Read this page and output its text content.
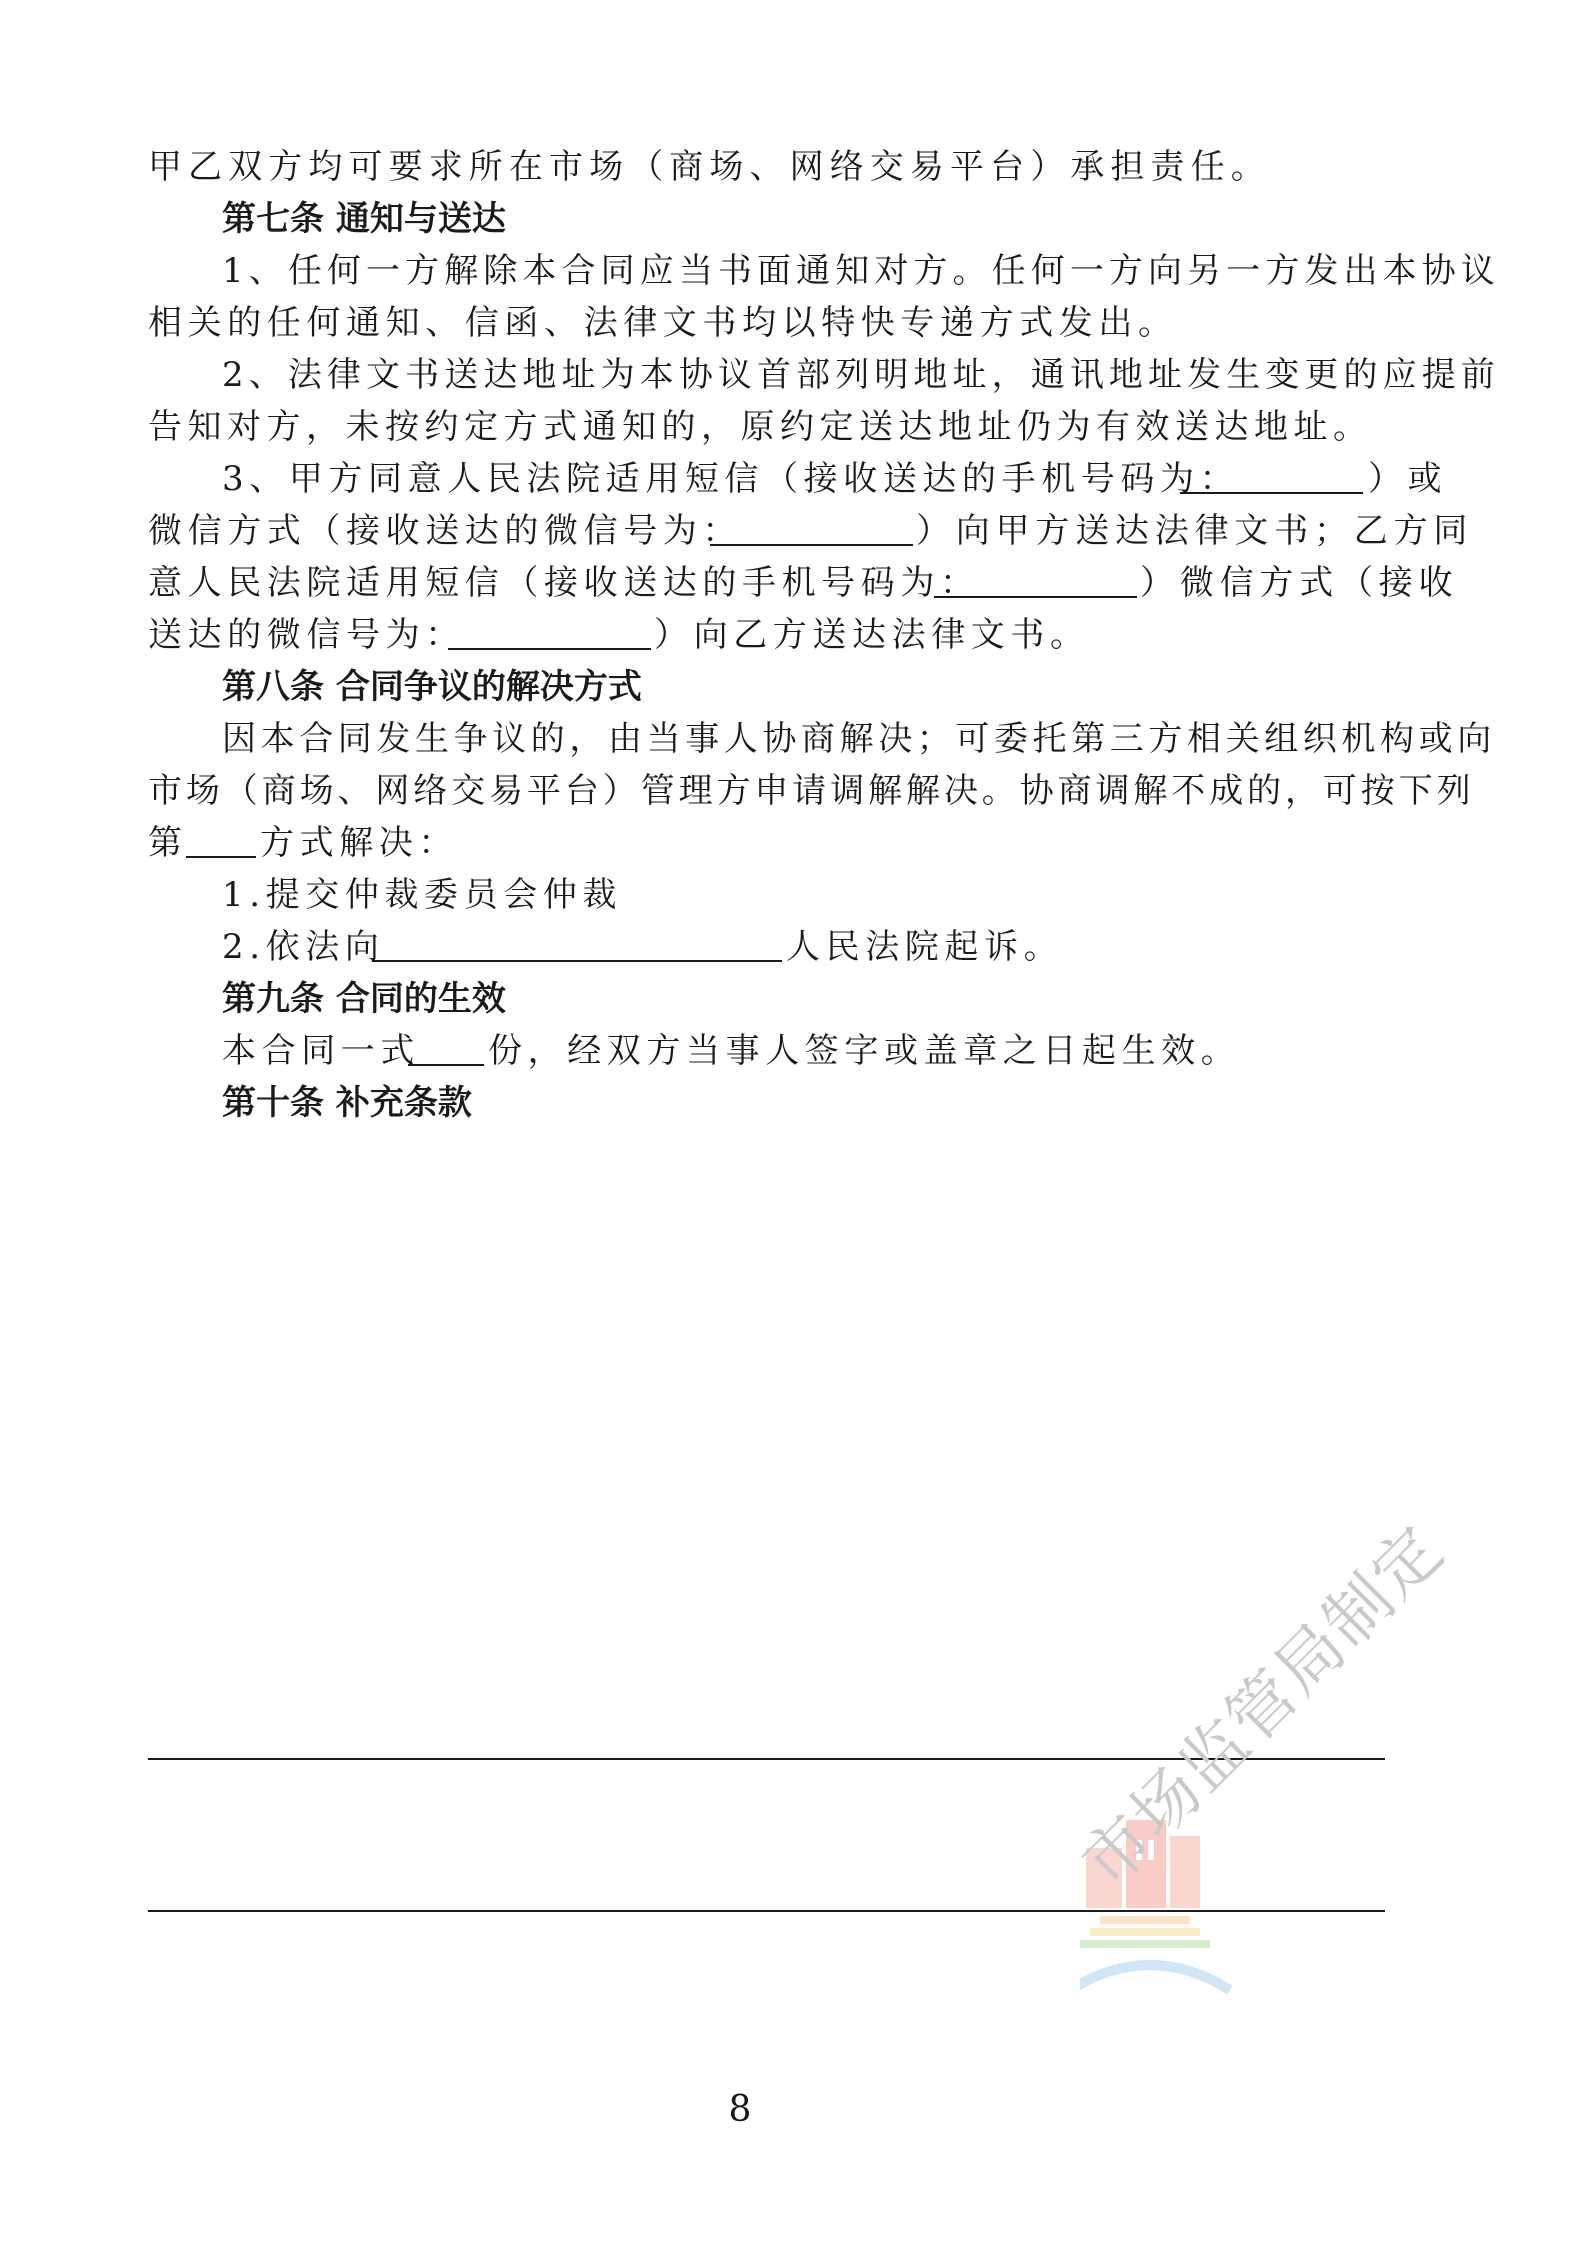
甲乙双方均可要求所在市场（商场、网络交易平台）承担责任。
第七条 通知与送达
1、任何一方解除本合同应当书面通知对方。任何一方向另一方发出本协议
相关的任何通知、信函、法律文书均以特快专递方式发出。
2、法律文书送达地址为本协议首部列明地址，通讯地址发生变更的应提前
告知对方，未按约定方式通知的，原约定送达地址仍为有效送达地址。
3、甲方同意人民法院适用短信（接收送达的手机号码为：	）或
微信方式（接收送达的微信号为：	）向甲方送达法律文书；乙方同
意人民法院适用短信（接收送达的手机号码为：	）微信方式（接收
送达的微信号为：	）向乙方送达法律文书。
第八条 合同争议的解决方式
因本合同发生争议的，由当事人协商解决；可委托第三方相关组织机构或向
市场（商场、网络交易平台）管理方申请调解解决。协商调解不成的，可按下列
第 方式解决：
1.提交仲裁委员会仲裁
2.依法向	人民法院起诉。
第九条 合同的生效
本合同一式 份，经双方当事人签字或盖章之日起生效。
第十条 补充条款
市场监管局制定
8
